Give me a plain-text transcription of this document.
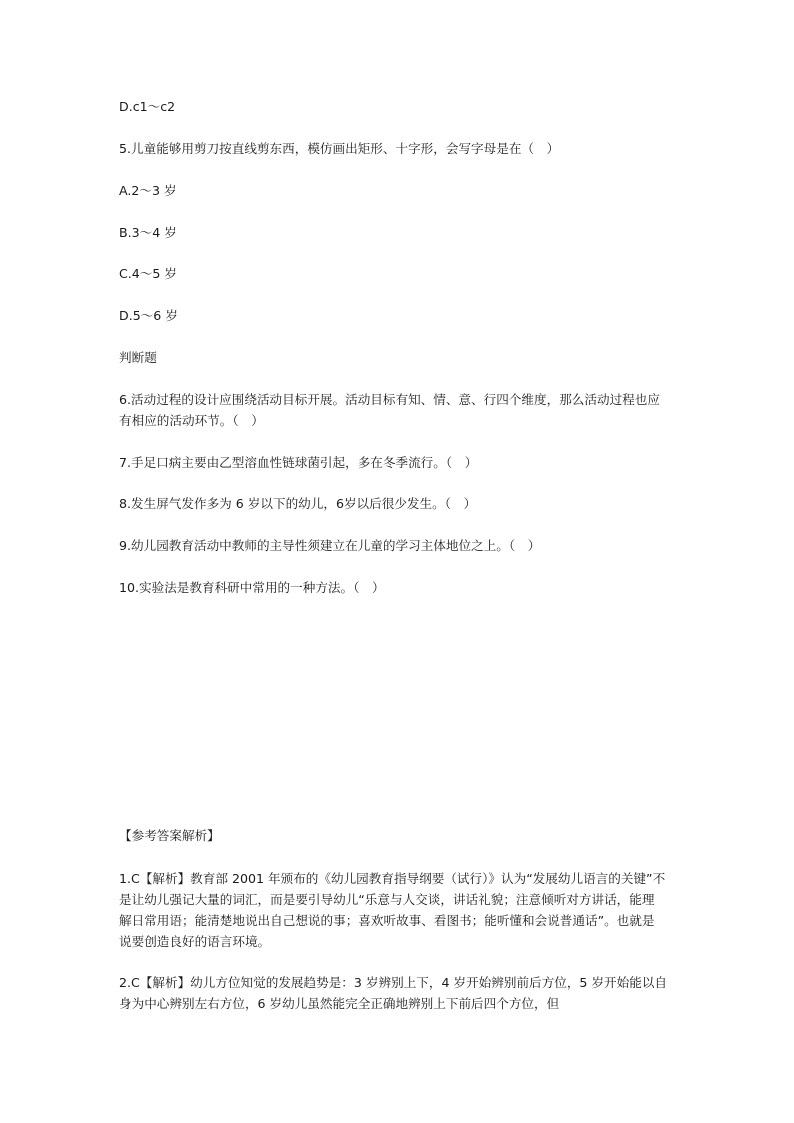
D.c1～c2

5.儿童能够用剪刀按直线剪东西，模仿画出矩形、十字形，会写字母是在（　）

A.2～3 岁

B.3～4 岁

C.4～5 岁

D.5～6 岁

判断题

6.活动过程的设计应围绕活动目标开展。活动目标有知、情、意、行四个维度，那么活动过程也应有相应的活动环节。（　）

7.手足口病主要由乙型溶血性链球菌引起，多在冬季流行。（　）

8.发生屏气发作多为 6 岁以下的幼儿，6岁以后很少发生。（　）

9.幼儿园教育活动中教师的主导性须建立在儿童的学习主体地位之上。（　）

10.实验法是教育科研中常用的一种方法。（　）

【参考答案解析】

1.C【解析】教育部 2001 年颁布的《幼儿园教育指导纲要（试行）》认为“发展幼儿语言的关键”不是让幼儿强记大量的词汇，而是要引导幼儿“乐意与人交谈，讲话礼貌；注意倾听对方讲话，能理解日常用语；能清楚地说出自己想说的事；喜欢听故事、看图书；能听懂和会说普通话”。也就是说要创造良好的语言环境。

2.C【解析】幼儿方位知觉的发展趋势是：3 岁辨别上下，4 岁开始辨别前后方位，5 岁开始能以自身为中心辨别左右方位，6 岁幼儿虽然能完全正确地辨别上下前后四个方位，但
